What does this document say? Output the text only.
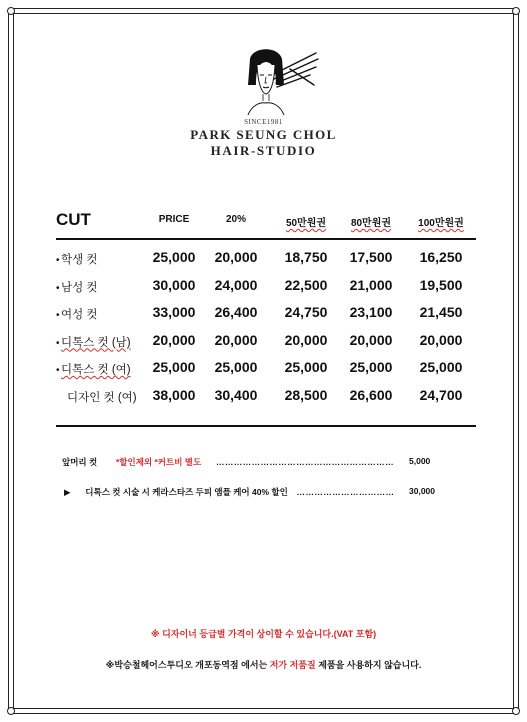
SINCE1981
PARK SEUNG CHOL
HAIR-STUDIO
CUT	PRICE	20%	50만원권	80만원권	100만원권
•학생 컷	25,000	20,000	18,750	17,500	16,250
•남성 컷	30,000	24,000	22,500	21,000	19,500
•여성 컷	33,000	26,400	24,750	23,100	21,450
•디톡스 컷 (남)	20,000	20,000	20,000	20,000	20,000
•디톡스 컷 (여)	25,000	25,000	25,000	25,000	25,000
디자인 컷 (여)	38,000	30,400	28,500	26,600	24,700
앞머리 컷 *할인제외 *커트비 별도 …………………………………………………… 5,000
▶ 디톡스 컷 시술 시 케라스타즈 두피 앰플 케어 40% 할인 …………………………… 30,000
※ 디자이너 등급별 가격이 상이할 수 있습니다.(VAT 포함)
※박승철헤어스투디오 개포동역점 에서는 저가 저품질 제품을 사용하지 않습니다.
